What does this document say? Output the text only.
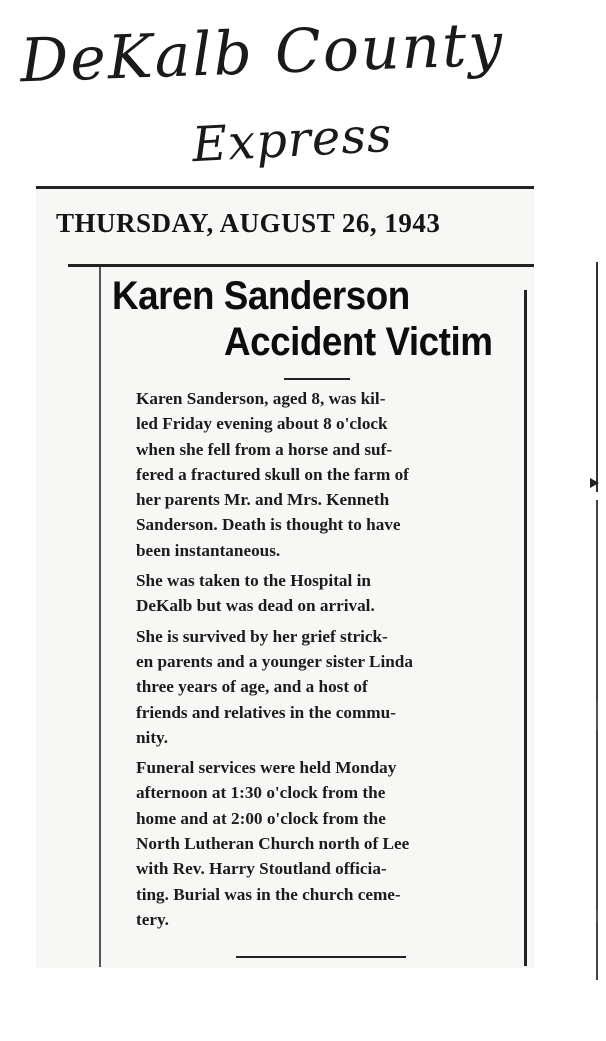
DeKalb County
Express
THURSDAY, AUGUST 26, 1943
Karen Sanderson
Accident Victim

Karen Sanderson, aged 8, was kil-
led Friday evening about 8 o'clock
when she fell from a horse and suf-
fered a fractured skull on the farm of
her parents Mr. and Mrs. Kenneth
Sanderson. Death is thought to have
been instantaneous.

She was taken to the Hospital in
DeKalb but was dead on arrival.

She is survived by her grief strick-
en parents and a younger sister Linda
three years of age, and a host of
friends and relatives in the commu-
nity.

Funeral services were held Monday
afternoon at 1:30 o'clock from the
home and at 2:00 o'clock from the
North Lutheran Church north of Lee
with Rev. Harry Stoutland officia-
ting. Burial was in the church ceme-
tery.
